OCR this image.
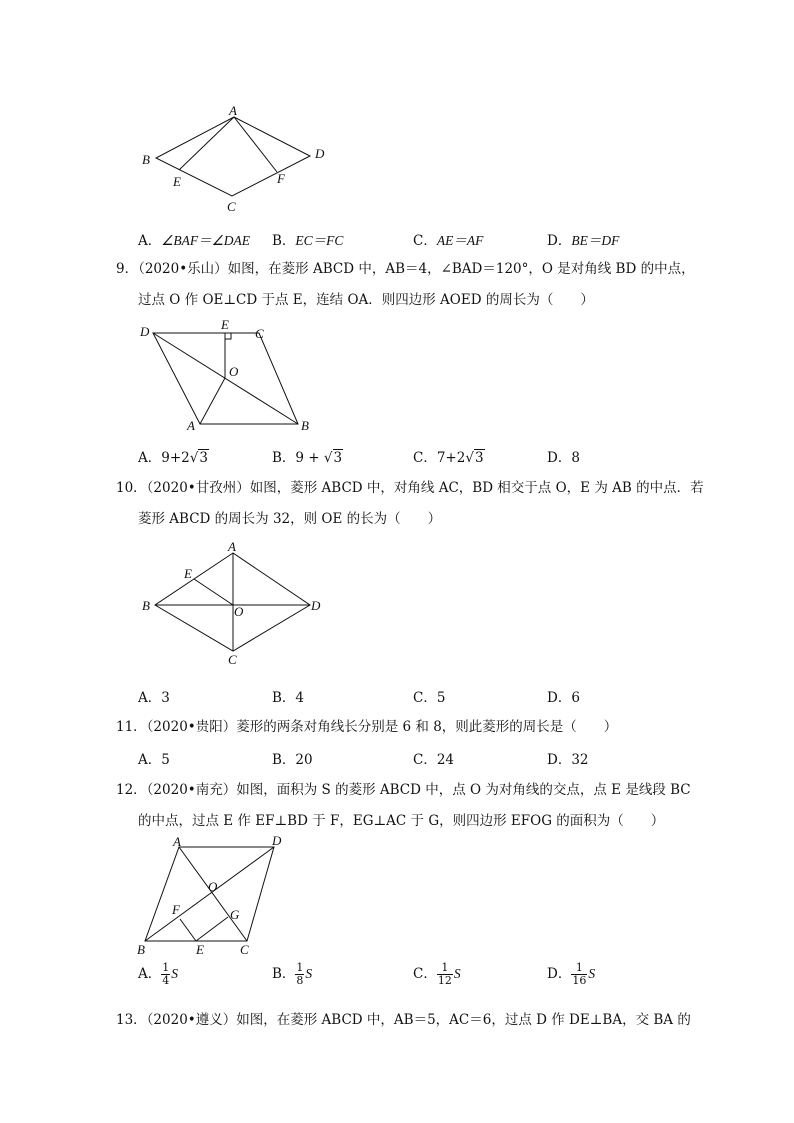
A
B
C
D
E	F
A．∠BAF＝∠DAE B．EC＝FC	C．AE＝AF	D．BE＝DF
9．（2020•乐山）如图，在菱形 ABCD 中，AB＝4，∠BAD＝120°，O 是对角线 BD 的中点，
过点 O 作 OE⊥CD 于点 E，连结 OA．则四边形 AOED 的周长为（　　）
D	E
C
O
A	B
A．9+2√3	B．9 + √3	C．7+2√3	D．8
10．（2020•甘孜州）如图，菱形 ABCD 中，对角线 AC，BD 相交于点 O，E 为 AB 的中点．若
菱形 ABCD 的周长为 32，则 OE 的长为（　　）
A
E
B	O	D
C
A．3	B．4	C．5	D．6
11．（2020•贵阳）菱形的两条对角线长分别是 6 和 8，则此菱形的周长是（　　）
A．5	B．20	C．24	D．32
12．（2020•南充）如图，面积为 S 的菱形 ABCD 中，点 O 为对角线的交点，点 E 是线段 BC
的中点，过点 E 作 EF⊥BD 于 F，EG⊥AC 于 G，则四边形 EFOG 的面积为（　　）
A	D
O
F	G
B	E	C
A． $\frac{1}{4}$ S	B． $\frac{1}{8}$ S	C． $\frac{1}{12}$ S	D． $\frac{1}{16}$ S
13．（2020•遵义）如图，在菱形 ABCD 中，AB＝5，AC＝6，过点 D 作 DE⊥BA，交 BA 的
